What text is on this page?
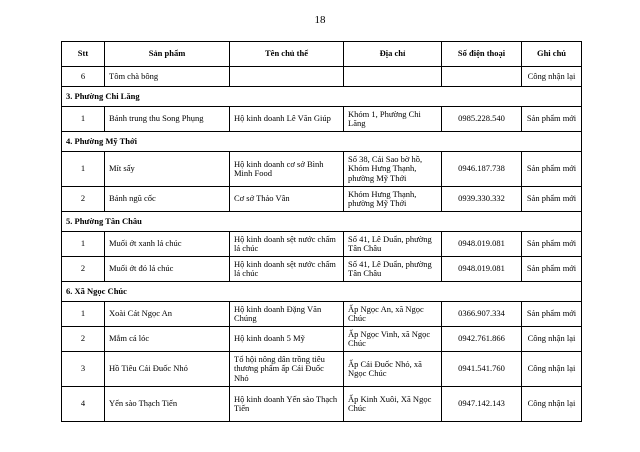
18
Stt	Sản phẩm	Tên chủ thể	Địa chỉ	Số điện thoại	Ghi chú
6	Tôm chà bông				Công nhận lại
3. Phường Chi Lăng					
1	Bánh trung thu Song Phụng	Hộ kinh doanh Lê Văn Giúp	Khóm 1, Phường Chi Lăng	0985.228.540	Sản phẩm mới
4. Phường Mỹ Thới					
1	Mít sấy	Hộ kinh doanh cơ sở Bình Minh Food	Số 38, Cái Sao bờ hồ, Khóm Hưng Thạnh, phường Mỹ Thới	0946.187.738	Sản phẩm mới
2	Bánh ngũ cốc	Cơ sở Thảo Vân	Khóm Hưng Thạnh, phường Mỹ Thới	0939.330.332	Sản phẩm mới
5. Phường Tân Châu					
1	Muối ớt xanh lá chúc	Hộ kinh doanh sệt nước chấm lá chúc	Số 41, Lê Duẩn, phường Tân Châu	0948.019.081	Sản phẩm mới
2	Muối ớt đỏ lá chúc	Hộ kinh doanh sệt nước chấm lá chúc	Số 41, Lê Duẩn, phường Tân Châu	0948.019.081	Sản phẩm mới
6. Xã Ngọc Chúc					
1	Xoài Cát Ngọc An	Hộ kinh doanh Đặng Văn Chúng	Ấp Ngọc An, xã Ngọc Chúc	0366.907.334	Sản phẩm mới
2	Mắm cá lóc	Hộ kinh doanh 5 Mỹ	Ấp Ngọc Vinh, xã Ngọc Chúc	0942.761.866	Công nhận lại
3	Hồ Tiêu Cái Đuốc Nhỏ	Tổ hội nông dân trồng tiêu thương phẩm ấp Cái Đuốc Nhỏ	Ấp Cái Đuốc Nhỏ, xã Ngọc Chúc	0941.541.760	Công nhận lại
4	Yến sào Thạch Tiến	Hộ kinh doanh Yến sào Thạch Tiến	Ấp Kinh Xuôi, Xã Ngọc Chúc	0947.142.143	Công nhận lại
